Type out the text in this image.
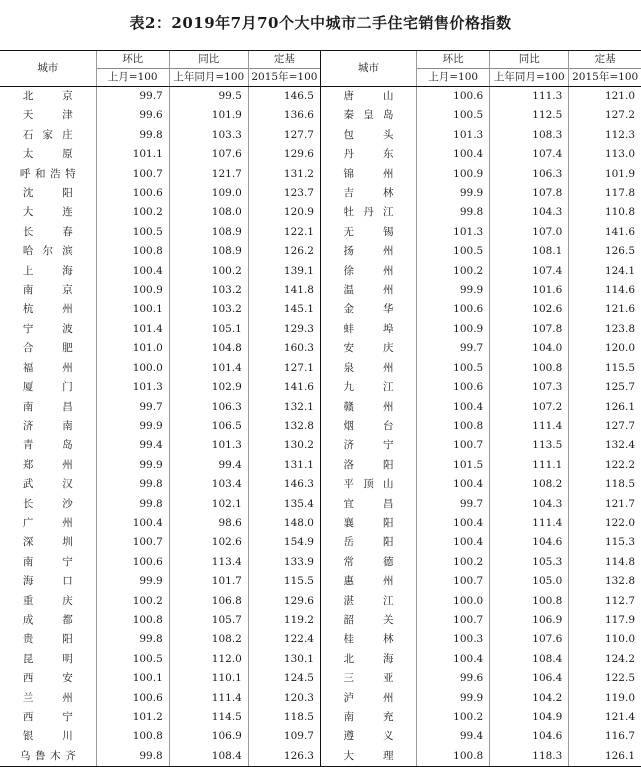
表2：2019年7月70个大中城市二手住宅销售价格指数
城市	环比	同比	定基	城市	环比	同比	定基
	上月=100	上年同月=100	2015年=100		上月=100	上年同月=100	2015年=100
北京	99.7	99.5	146.5	唐山	100.6	111.3	121.0
天津	99.6	101.9	136.6	秦皇岛	100.5	112.5	127.2
石家庄	99.8	103.3	127.7	包头	101.3	108.3	112.3
太原	101.1	107.6	129.6	丹东	100.4	107.4	113.0
呼和浩特	100.7	121.7	131.2	锦州	100.9	106.3	101.9
沈阳	100.6	109.0	123.7	吉林	99.9	107.8	117.8
大连	100.2	108.0	120.9	牡丹江	99.8	104.3	110.8
长春	100.5	108.9	122.1	无锡	101.3	107.0	141.6
哈尔滨	100.8	108.9	126.2	扬州	100.5	108.1	126.5
上海	100.4	100.2	139.1	徐州	100.2	107.4	124.1
南京	100.9	103.2	141.8	温州	99.9	101.6	114.6
杭州	100.1	103.2	145.1	金华	100.6	102.6	121.6
宁波	101.4	105.1	129.3	蚌埠	100.9	107.8	123.8
合肥	101.0	104.8	160.3	安庆	99.7	104.0	120.0
福州	100.0	101.4	127.1	泉州	100.5	100.8	115.5
厦门	101.3	102.9	141.6	九江	100.6	107.3	125.7
南昌	99.7	106.3	132.1	赣州	100.4	107.2	126.1
济南	99.9	106.5	132.8	烟台	100.8	111.4	127.7
青岛	99.4	101.3	130.2	济宁	100.7	113.5	132.4
郑州	99.9	99.4	131.1	洛阳	101.5	111.1	122.2
武汉	99.8	103.4	146.3	平顶山	100.4	108.2	118.5
长沙	99.8	102.1	135.4	宜昌	99.7	104.3	121.7
广州	100.4	98.6	148.0	襄阳	100.4	111.4	122.0
深圳	100.7	102.6	154.9	岳阳	100.4	104.6	115.3
南宁	100.6	113.4	133.9	常德	100.2	105.3	114.8
海口	99.9	101.7	115.5	惠州	100.7	105.0	132.8
重庆	100.2	106.8	129.6	湛江	100.0	100.8	112.7
成都	100.8	105.7	119.2	韶关	100.7	106.9	117.9
贵阳	99.8	108.2	122.4	桂林	100.3	107.6	110.0
昆明	100.5	112.0	130.1	北海	100.4	108.4	124.2
西安	100.1	110.1	124.5	三亚	99.6	106.4	122.5
兰州	100.6	111.4	120.3	泸州	99.9	104.2	119.0
西宁	101.2	114.5	118.5	南充	100.2	104.9	121.4
银川	100.8	106.9	109.7	遵义	99.4	104.6	116.7
乌鲁木齐	99.8	108.4	126.3	大理	100.8	118.3	126.1
